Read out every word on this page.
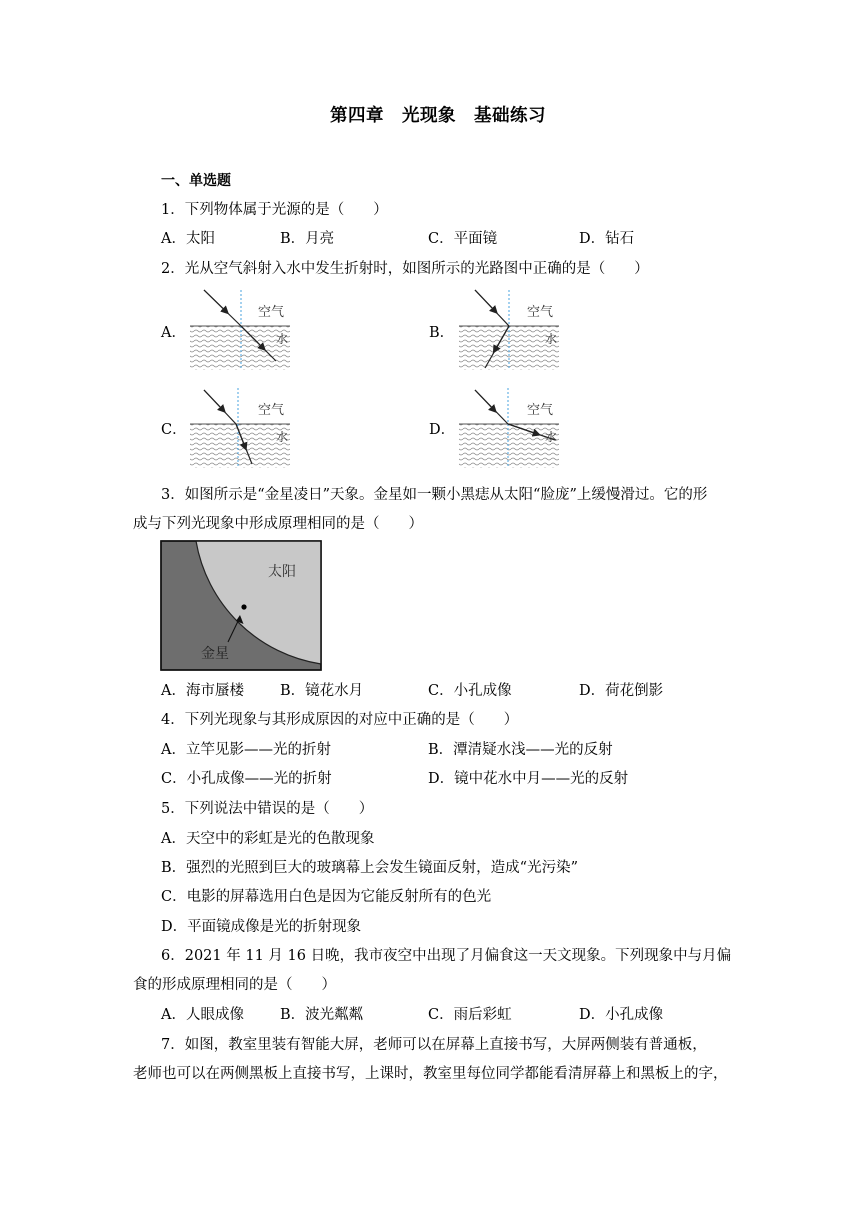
第四章　光现象　基础练习
一、单选题
1．下列物体属于光源的是（　　）
A．太阳	B．月亮	C．平面镜	D．钻石
2．光从空气斜射入水中发生折射时，如图所示的光路图中正确的是（　　）
A．
空气
水	B．
空气
水
C．
空气
水	D．
空气
水
3．如图所示是“金星凌日”天象。金星如一颗小黑痣从太阳“脸庞”上缓慢滑过。它的形
成与下列光现象中形成原理相同的是（　　）
太阳
金星
A．海市蜃楼 B．镜花水月	C．小孔成像	D．荷花倒影
4．下列光现象与其形成原因的对应中正确的是（　　）
A．立竿见影——光的折射	B．潭清疑水浅——光的反射
C．小孔成像——光的折射	D．镜中花水中月——光的反射
5．下列说法中错误的是（　　）
A．天空中的彩虹是光的色散现象
B．强烈的光照到巨大的玻璃幕上会发生镜面反射，造成“光污染”
C．电影的屏幕选用白色是因为它能反射所有的色光
D．平面镜成像是光的折射现象
6．2021 年 11 月 16 日晚，我市夜空中出现了月偏食这一天文现象。下列现象中与月偏
食的形成原理相同的是（　　）
A．人眼成像 B．波光粼粼	C．雨后彩虹	D．小孔成像
7．如图，教室里装有智能大屏，老师可以在屏幕上直接书写，大屏两侧装有普通板，
老师也可以在两侧黑板上直接书写，上课时，教室里每位同学都能看清屏幕上和黑板上的字，
